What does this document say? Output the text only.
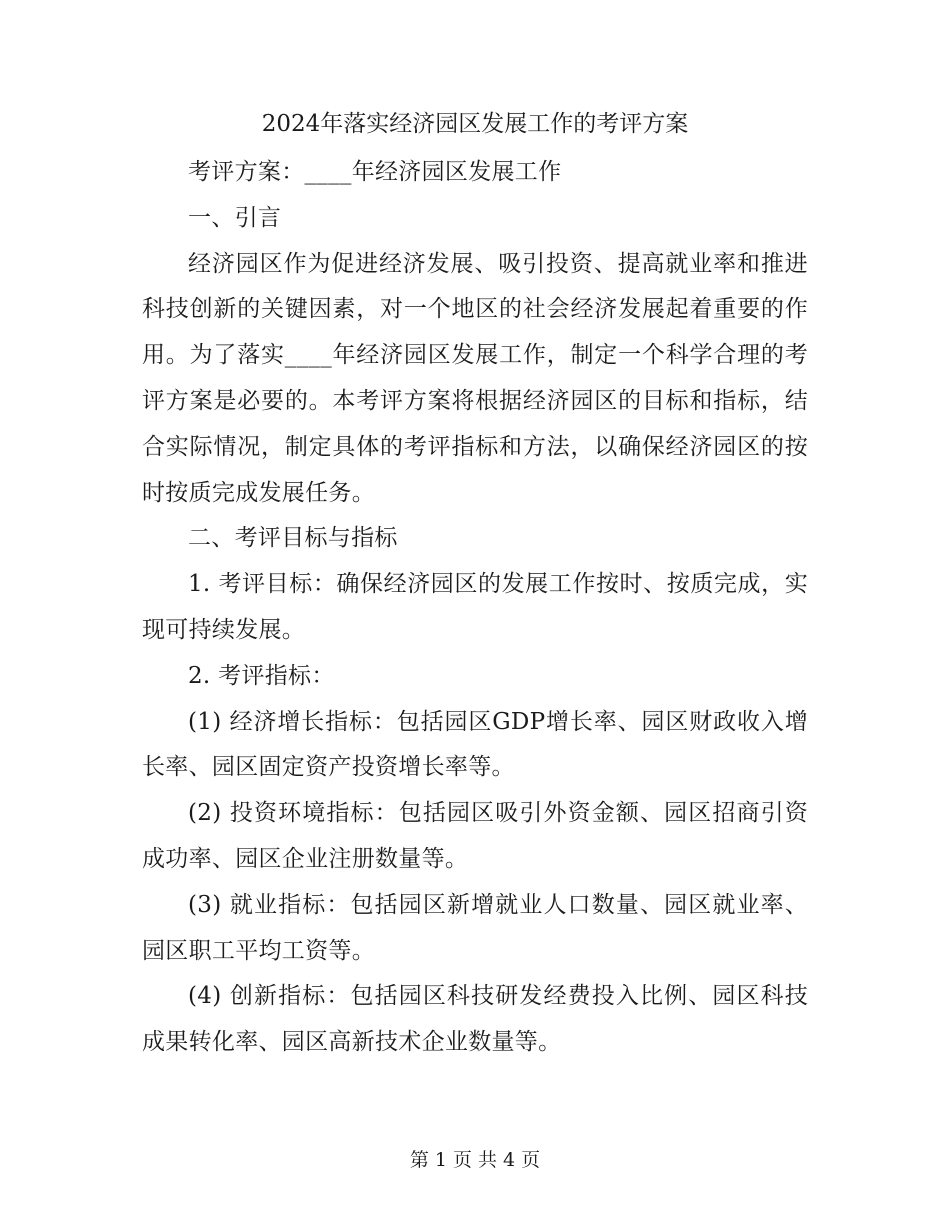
2024年落实经济园区发展工作的考评方案

考评方案：____年经济园区发展工作

一、引言

经济园区作为促进经济发展、吸引投资、提高就业率和推进科技创新的关键因素，对一个地区的社会经济发展起着重要的作用。为了落实____年经济园区发展工作，制定一个科学合理的考评方案是必要的。本考评方案将根据经济园区的目标和指标，结合实际情况，制定具体的考评指标和方法，以确保经济园区的按时按质完成发展任务。

二、考评目标与指标

1. 考评目标：确保经济园区的发展工作按时、按质完成，实现可持续发展。

2. 考评指标：

(1) 经济增长指标：包括园区GDP增长率、园区财政收入增长率、园区固定资产投资增长率等。

(2) 投资环境指标：包括园区吸引外资金额、园区招商引资成功率、园区企业注册数量等。

(3) 就业指标：包括园区新增就业人口数量、园区就业率、园区职工平均工资等。

(4) 创新指标：包括园区科技研发经费投入比例、园区科技成果转化率、园区高新技术企业数量等。

第 1 页 共 4 页
